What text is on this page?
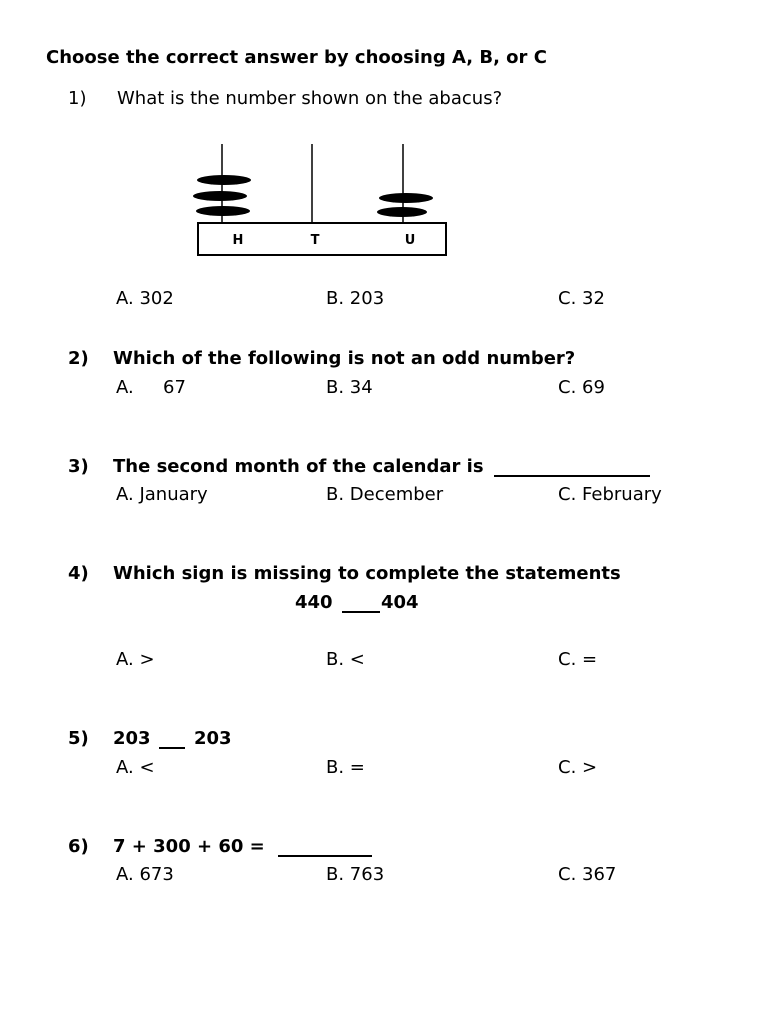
Choose the correct answer by choosing A, B, or C
1) What is the number shown on the abacus?
H	T	U
A. 302	B. 203	C. 32
2) Which of the following is not an odd number?
A. 67	B. 34	C. 69
3) The second month of the calendar is
A. January	B. December	C. February
4) Which sign is missing to complete the statements
440	404
A. >	B. <	C. =
5) 203 203
A. <	B. =	C. >
6) 7 + 300 + 60 =
A. 673	B. 763	C. 367
